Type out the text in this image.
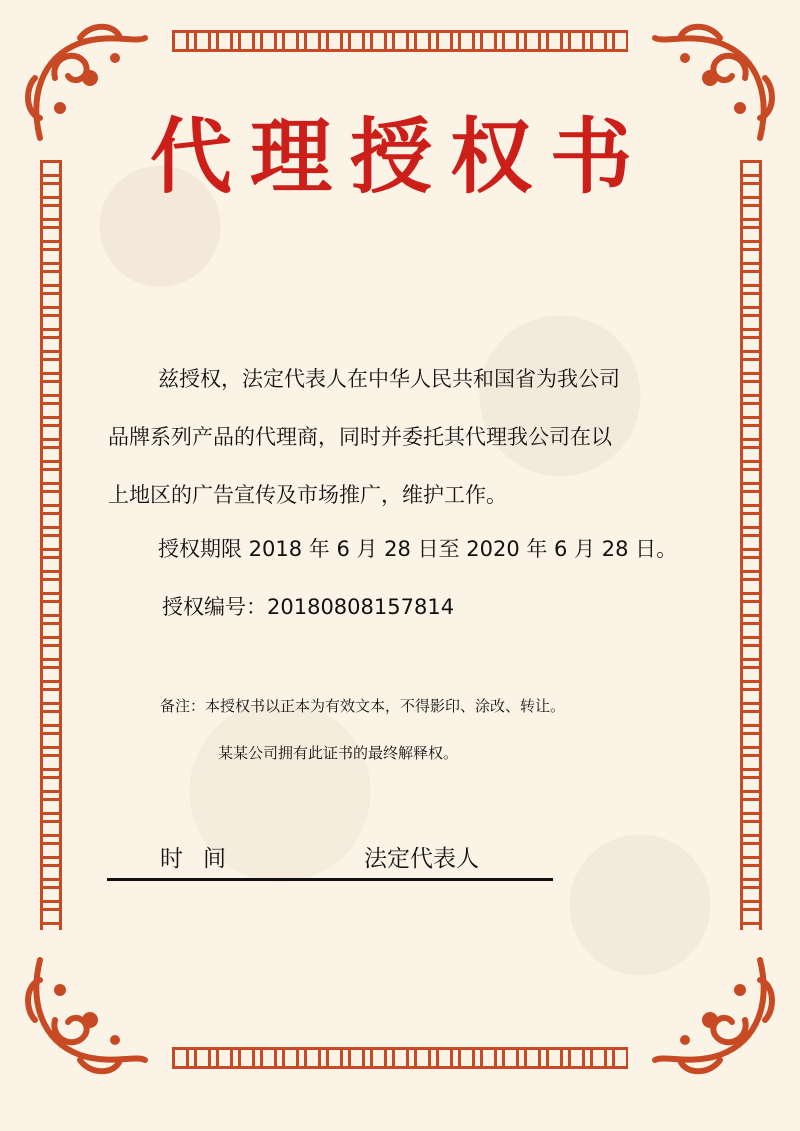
代理授权书
兹授权，法定代表人在中华人民共和国省为我公司
品牌系列产品的代理商，同时并委托其代理我公司在以
上地区的广告宣传及市场推广，维护工作。
授权期限 2018 年 6 月 28 日至 2020 年 6 月 28 日。
授权编号：20180808157814
备注：本授权书以正本为有效文本，不得影印、涂改、转让。
某某公司拥有此证书的最终解释权。
时间	法定代表人
